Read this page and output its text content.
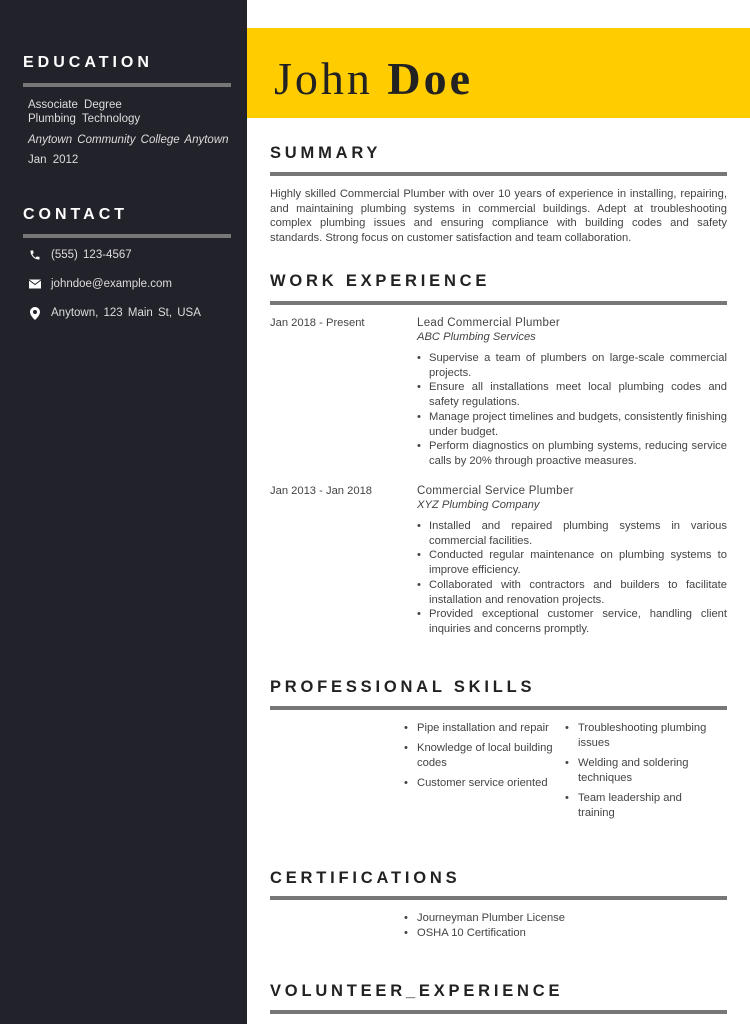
EDUCATION
Associate Degree
Plumbing Technology
Anytown Community College Anytown
Jan 2012
CONTACT
(555) 123-4567
johndoe@example.com
Anytown, 123 Main St, USA
John Doe
SUMMARY
Highly skilled Commercial Plumber with over 10 years of experience in installing, repairing, and maintaining plumbing systems in commercial buildings. Adept at troubleshooting complex plumbing issues and ensuring compliance with building codes and safety standards. Strong focus on customer satisfaction and team collaboration.
WORK EXPERIENCE
Jan 2018 - Present	Lead Commercial Plumber
ABC Plumbing Services
• Supervise a team of plumbers on large-scale commercial projects.
• Ensure all installations meet local plumbing codes and safety regulations.
• Manage project timelines and budgets, consistently finishing under budget.
• Perform diagnostics on plumbing systems, reducing service calls by 20% through proactive measures.
Jan 2013 - Jan 2018	Commercial Service Plumber
XYZ Plumbing Company
• Installed and repaired plumbing systems in various commercial facilities.
• Conducted regular maintenance on plumbing systems to improve efficiency.
• Collaborated with contractors and builders to facilitate installation and renovation projects.
• Provided exceptional customer service, handling client inquiries and concerns promptly.
PROFESSIONAL SKILLS
• Pipe installation and repair
• Knowledge of local building codes
• Customer service oriented
• Troubleshooting plumbing issues
• Welding and soldering techniques
• Team leadership and training
CERTIFICATIONS
• Journeyman Plumber License
• OSHA 10 Certification
VOLUNTEER_EXPERIENCE
